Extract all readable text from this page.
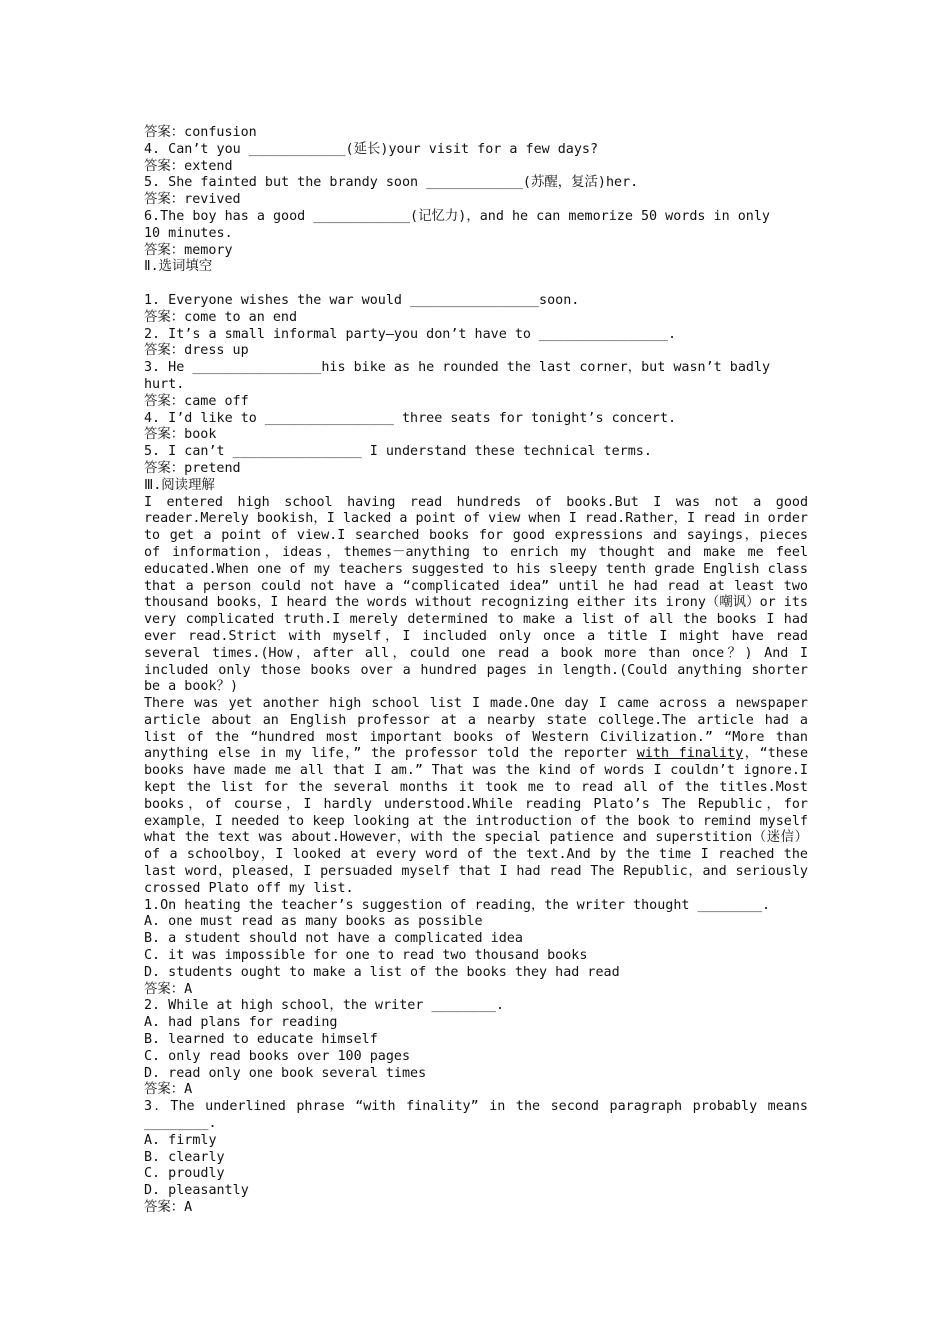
答案：confusion
4. Can’t you ____________(延长)your visit for a few days?
答案：extend
5. She fainted but the brandy soon ____________(苏醒，复活)her.
答案：revived
6.The boy has a good ____________(记忆力)，and he can memorize 50 words in only
10 minutes.
答案：memory
Ⅱ.选词填空
1. Everyone wishes the war would ________________soon.
答案：come to an end
2. It’s a small informal party—you don’t have to ________________.
答案：dress up
3. He ________________his bike as he rounded the last corner，but wasn’t badly
hurt.
答案：came off
4. I’d like to ________________ three seats for tonight’s concert.
答案：book
5. I can’t ________________ I understand these technical terms.
答案：pretend
Ⅲ.阅读理解
I entered high school having read hundreds of books.But I was not a good reader.Merely bookish，I lacked a point of view when I read.Rather，I read in order to get a point of view.I searched books for good expressions and sayings，pieces of information，ideas，themes－anything to enrich my thought and make me feel educated.When one of my teachers suggested to his sleepy tenth grade English class that a person could not have a “complicated idea” until he had read at least two thousand books，I heard the words without recognizing either its irony（嘲讽）or its very complicated truth.I merely determined to make a list of all the books I had ever read.Strict with myself，I included only once a title I might have read several times.(How，after all，could one read a book more than once？) And I included only those books over a hundred pages in length.(Could anything shorter be a book？)
There was yet another high school list I made.One day I came across a newspaper article about an English professor at a nearby state college.The article had a list of the “hundred most important books of Western Civilization.” “More than anything else in my life，” the professor told the reporter with finality，“these books have made me all that I am.” That was the kind of words I couldn’t ignore.I kept the list for the several months it took me to read all of the titles.Most books，of course，I hardly understood.While reading Plato’s The Republic，for example，I needed to keep looking at the introduction of the book to remind myself what the text was about.However，with the special patience and superstition（迷信）of a schoolboy，I looked at every word of the text.And by the time I reached the last word，pleased，I persuaded myself that I had read The Republic，and seriously crossed Plato off my list.
1.On heating the teacher’s suggestion of reading，the writer thought ________.
A. one must read as many books as possible
B. a student should not have a complicated idea
C. it was impossible for one to read two thousand books
D. students ought to make a list of the books they had read
答案：A
2. While at high school，the writer ________.
A. had plans for reading
B. learned to educate himself
C. only read books over 100 pages
D. read only one book several times
答案：A
3．The underlined phrase “with finality” in the second paragraph probably means ________.
A. firmly
B. clearly
C. proudly
D. pleasantly
答案：A
